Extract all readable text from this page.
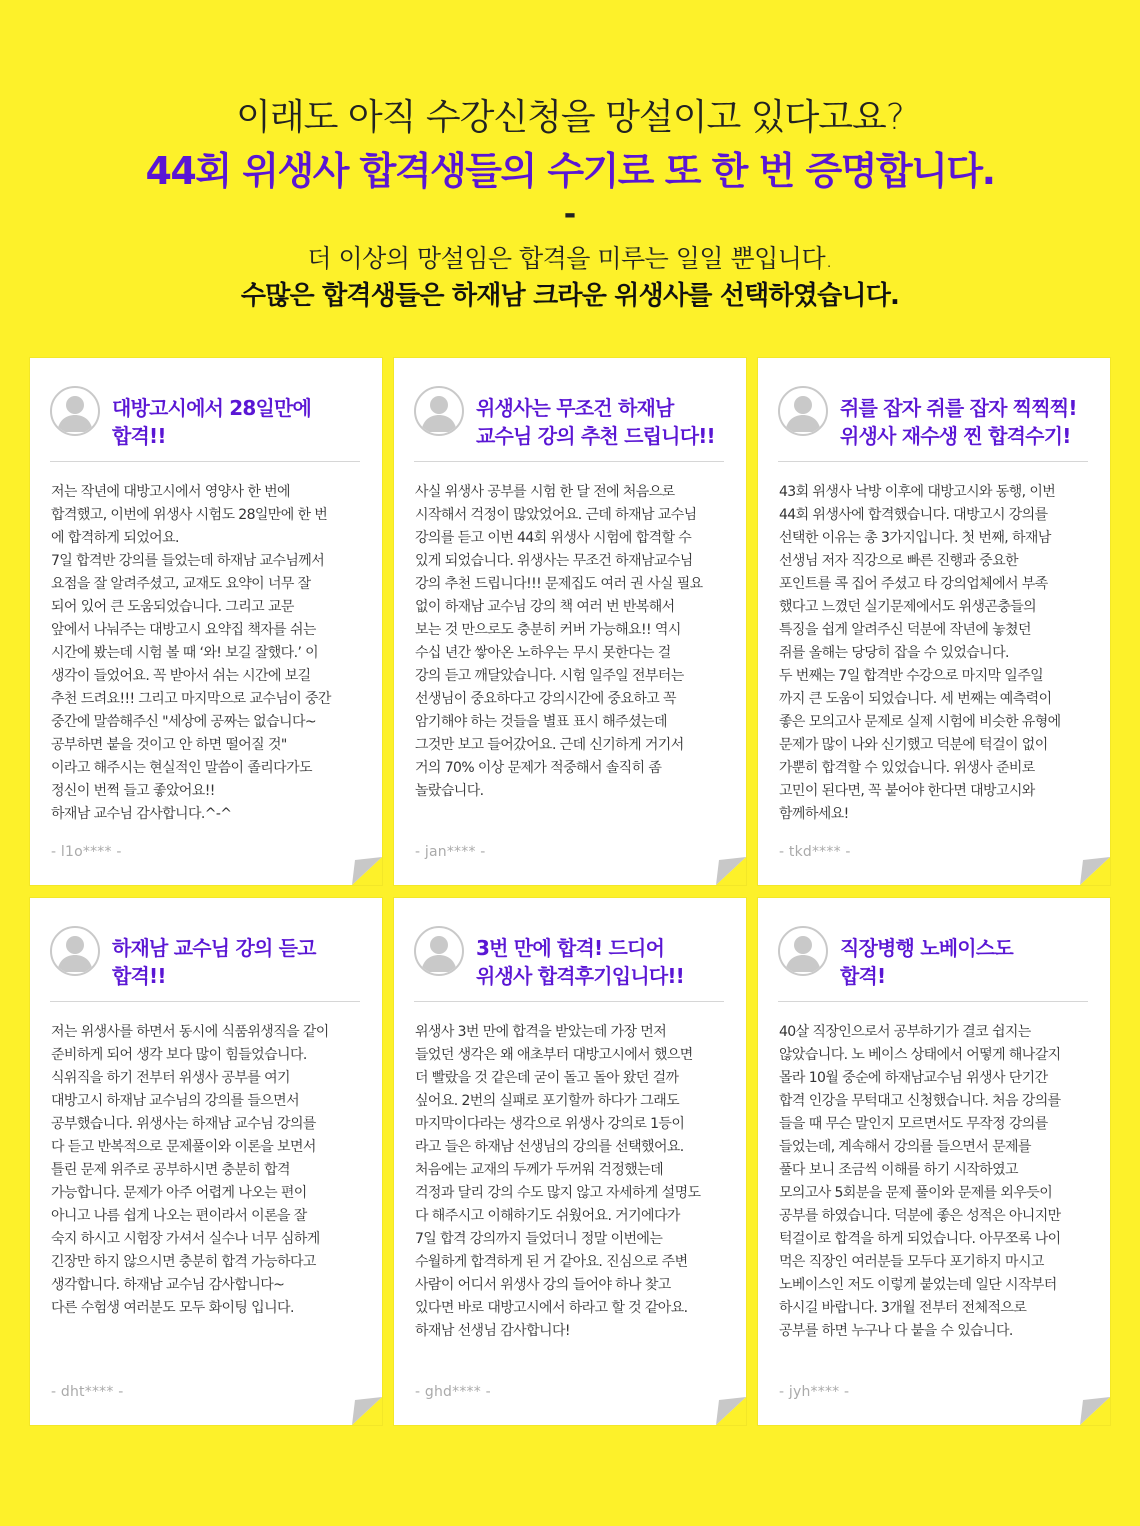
이래도 아직 수강신청을 망설이고 있다고요?
44회 위생사 합격생들의 수기로 또 한 번 증명합니다.
-
더 이상의 망설임은 합격을 미루는 일일 뿐입니다.
수많은 합격생들은 하재남 크라운 위생사를 선택하였습니다.
대방고시에서 28일만에
합격!!
저는 작년에 대방고시에서 영양사 한 번에
합격했고, 이번에 위생사 시험도 28일만에 한 번
에 합격하게 되었어요.
7일 합격반 강의를 들었는데 하재남 교수님께서
요점을 잘 알려주셨고, 교재도 요약이 너무 잘
되어 있어 큰 도움되었습니다. 그리고 교문
앞에서 나눠주는 대방고시 요약집 책자를 쉬는
시간에 봤는데 시험 볼 때 ‘와! 보길 잘했다.’ 이
생각이 들었어요. 꼭 받아서 쉬는 시간에 보길
추천 드려요!!! 그리고 마지막으로 교수님이 중간
중간에 말씀해주신 "세상에 공짜는 없습니다~
공부하면 붙을 것이고 안 하면 떨어질 것"
이라고 해주시는 현실적인 말씀이 졸리다가도
정신이 번쩍 들고 좋았어요!!
하재남 교수님 감사합니다.^-^
- l1o**** -
위생사는 무조건 하재남
교수님 강의 추천 드립니다!!
사실 위생사 공부를 시험 한 달 전에 처음으로
시작해서 걱정이 많았었어요. 근데 하재남 교수님
강의를 듣고 이번 44회 위생사 시험에 합격할 수
있게 되었습니다. 위생사는 무조건 하재남교수님
강의 추천 드립니다!!! 문제집도 여러 권 사실 필요
없이 하재남 교수님 강의 책 여러 번 반복해서
보는 것 만으로도 충분히 커버 가능해요!! 역시
수십 년간 쌓아온 노하우는 무시 못한다는 걸
강의 듣고 깨달았습니다. 시험 일주일 전부터는
선생님이 중요하다고 강의시간에 중요하고 꼭
암기해야 하는 것들을 별표 표시 해주셨는데
그것만 보고 들어갔어요. 근데 신기하게 거기서
거의 70% 이상 문제가 적중해서 솔직히 좀
놀랐습니다.
- jan**** -
쥐를 잡자 쥐를 잡자 찍찍찍!
위생사 재수생 찐 합격수기!
43회 위생사 낙방 이후에 대방고시와 동행, 이번
44회 위생사에 합격했습니다. 대방고시 강의를
선택한 이유는 총 3가지입니다. 첫 번째, 하재남
선생님 저자 직강으로 빠른 진행과 중요한
포인트를 콕 집어 주셨고 타 강의업체에서 부족
했다고 느꼈던 실기문제에서도 위생곤충들의
특징을 쉽게 알려주신 덕분에 작년에 놓쳤던
쥐를 올해는 당당히 잡을 수 있었습니다.
두 번째는 7일 합격반 수강으로 마지막 일주일
까지 큰 도움이 되었습니다. 세 번째는 예측력이
좋은 모의고사 문제로 실제 시험에 비슷한 유형에
문제가 많이 나와 신기했고 덕분에 턱걸이 없이
가뿐히 합격할 수 있었습니다. 위생사 준비로
고민이 된다면, 꼭 붙어야 한다면 대방고시와
함께하세요!
- tkd**** -
하재남 교수님 강의 듣고
합격!!
저는 위생사를 하면서 동시에 식품위생직을 같이
준비하게 되어 생각 보다 많이 힘들었습니다.
식위직을 하기 전부터 위생사 공부를 여기
대방고시 하재남 교수님의 강의를 들으면서
공부했습니다. 위생사는 하재남 교수님 강의를
다 듣고 반복적으로 문제풀이와 이론을 보면서
틀린 문제 위주로 공부하시면 충분히 합격
가능합니다. 문제가 아주 어렵게 나오는 편이
아니고 나름 쉽게 나오는 편이라서 이론을 잘
숙지 하시고 시험장 가셔서 실수나 너무 심하게
긴장만 하지 않으시면 충분히 합격 가능하다고
생각합니다. 하재남 교수님 감사합니다~
다른 수험생 여러분도 모두 화이팅 입니다.
- dht**** -
3번 만에 합격! 드디어
위생사 합격후기입니다!!
위생사 3번 만에 합격을 받았는데 가장 먼저
들었던 생각은 왜 애초부터 대방고시에서 했으면
더 빨랐을 것 같은데 굳이 돌고 돌아 왔던 걸까
싶어요. 2번의 실패로 포기할까 하다가 그래도
마지막이다라는 생각으로 위생사 강의로 1등이
라고 들은 하재남 선생님의 강의를 선택했어요.
처음에는 교재의 두께가 두꺼워 걱정했는데
걱정과 달리 강의 수도 많지 않고 자세하게 설명도
다 해주시고 이해하기도 쉬웠어요. 거기에다가
7일 합격 강의까지 들었더니 정말 이번에는
수월하게 합격하게 된 거 같아요. 진심으로 주변
사람이 어디서 위생사 강의 들어야 하나 찾고
있다면 바로 대방고시에서 하라고 할 것 같아요.
하재남 선생님 감사합니다!
- ghd**** -
직장병행 노베이스도
합격!
40살 직장인으로서 공부하기가 결코 쉽지는
않았습니다. 노 베이스 상태에서 어떻게 해나갈지
몰라 10월 중순에 하재남교수님 위생사 단기간
합격 인강을 무턱대고 신청했습니다. 처음 강의를
들을 때 무슨 말인지 모르면서도 무작정 강의를
들었는데, 계속해서 강의를 들으면서 문제를
풀다 보니 조금씩 이해를 하기 시작하였고
모의고사 5회분을 문제 풀이와 문제를 외우듯이
공부를 하였습니다. 덕분에 좋은 성적은 아니지만
턱걸이로 합격을 하게 되었습니다. 아무쪼록 나이
먹은 직장인 여러분들 모두다 포기하지 마시고
노베이스인 저도 이렇게 붙었는데 일단 시작부터
하시길 바랍니다. 3개월 전부터 전체적으로
공부를 하면 누구나 다 붙을 수 있습니다.
- jyh**** -
